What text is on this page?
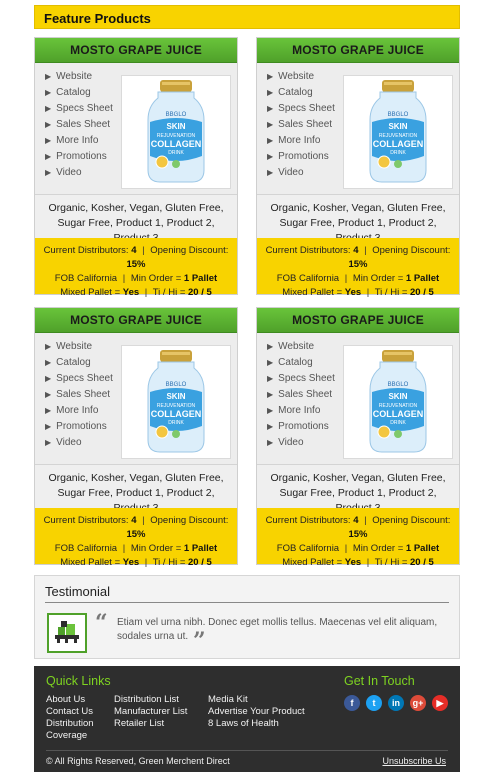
Feature Products
MOSTO GRAPE JUICE
▶ Website
▶ Catalog
▶ Specs Sheet
▶ Sales Sheet
▶ More Info
▶ Promotions
▶ Video
BBGLO
SKIN
REJUVENATION
COLLAGEN
DRINK
Organic, Kosher, Vegan, Gluten Free, Sugar Free, Product 1, Product 2,
Current Distributors: 4 | Opening Discount: 15%
FOB California | Min Order = 1 Pallet
Mixed Pallet = Yes | Ti / Hi = 20 / 5
MOSTO GRAPE JUICE
▶ Website
▶ Catalog
▶ Specs Sheet
▶ Sales Sheet
▶ More Info
▶ Promotions
▶ Video
BBGLO
SKIN
REJUVENATION
COLLAGEN
DRINK
Organic, Kosher, Vegan, Gluten Free, Sugar Free, Product 1, Product 2,
Current Distributors: 4 | Opening Discount: 15%
FOB California | Min Order = 1 Pallet
Mixed Pallet = Yes | Ti / Hi = 20 / 5
MOSTO GRAPE JUICE
▶ Website
▶ Catalog
▶ Specs Sheet
▶ Sales Sheet
▶ More Info
▶ Promotions
▶ Video
BBGLO
SKIN
REJUVENATION
COLLAGEN
DRINK
Organic, Kosher, Vegan, Gluten Free, Sugar Free, Product 1, Product 2,
Current Distributors: 4 | Opening Discount: 15%
FOB California | Min Order = 1 Pallet
Mixed Pallet = Yes | Ti / Hi = 20 / 5
MOSTO GRAPE JUICE
▶ Website
▶ Catalog
▶ Specs Sheet
▶ Sales Sheet
▶ More Info
▶ Promotions
▶ Video
BBGLO
SKIN
REJUVENATION
COLLAGEN
DRINK
Organic, Kosher, Vegan, Gluten Free, Sugar Free, Product 1, Product 2,
Current Distributors: 4 | Opening Discount: 15%
FOB California | Min Order = 1 Pallet
Mixed Pallet = Yes | Ti / Hi = 20 / 5
Testimonial
“ Etiam vel urna nibh. Donec eget mollis tellus. Maecenas vel elit aliquam, sodales urna ut. ”
Quick Links
About Us
Contact Us
Distribution
Coverage
Distribution List
Manufacturer List
Retailer List
Media Kit
Advertise Your Product
8 Laws of Health
Get In Touch
f	t	in	g+	▶
© All Rights Reserved, Green Merchent Direct	Unsubscribe Us
